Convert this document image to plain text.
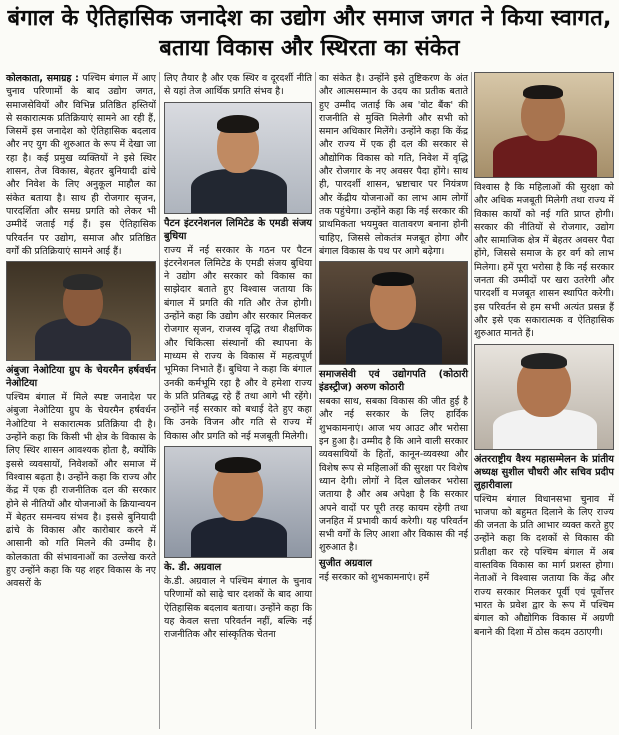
बंगाल के ऐतिहासिक जनादेश का उद्योग और समाज जगत ने किया स्वागत, बताया विकास और स्थिरता का संकेत

कोलकाता, समाग्रह : पश्चिम बंगाल में आए चुनाव परिणामों के बाद उद्योग जगत, समाजसेवियों और विभिन्न प्रतिष्ठित हस्तियों से सकारात्मक प्रतिक्रियाएं सामने आ रही हैं, जिसमें इस जनादेश को ऐतिहासिक बदलाव और नए युग की शुरुआत के रूप में देखा जा रहा है। कई प्रमुख व्यक्तियों ने इसे स्थिर शासन, तेज विकास, बेहतर बुनियादी ढांचे और निवेश के लिए अनुकूल माहौल का संकेत बताया है। साथ ही रोजगार सृजन, पारदर्शिता और समग्र प्रगति को लेकर भी उम्मीदें जताई गई हैं। इस ऐतिहासिक परिवर्तन पर उद्योग, समाज और प्रतिष्ठित वर्गों की प्रतिक्रियाएं सामने आई हैं।

अंबुजा नेओटिया ग्रुप के चेयरमैन हर्षवर्धन नेओटिया

पश्चिम बंगाल में मिले स्पष्ट जनादेश पर अंबुजा नेओटिया ग्रुप के चेयरमैन हर्षवर्धन नेओटिया ने सकारात्मक प्रतिक्रिया दी है। उन्होंने कहा कि किसी भी क्षेत्र के विकास के लिए स्थिर शासन आवश्यक होता है, क्योंकि इससे व्यवसायों, निवेशकों और समाज में विश्वास बढ़ता है। उन्होंने कहा कि राज्य और केंद्र में एक ही राजनीतिक दल की सरकार होने से नीतियों और योजनाओं के क्रियान्वयन में बेहतर समन्वय संभव है। इससे बुनियादी ढांचे के विकास और कारोबार करने में आसानी को गति मिलने की उम्मीद है। कोलकाता की संभावनाओं का उल्लेख करते हुए उन्होंने कहा कि यह शहर विकास के नए अवसरों के

लिए तैयार है और एक स्थिर व दूरदर्शी नीति से यहां तेज आर्थिक प्रगति संभव है।

पैटन इंटरनेशनल लिमिटेड के एमडी संजय बुधिया

राज्य में नई सरकार के गठन पर पैटन इंटरनेशनल लिमिटेड के एमडी संजय बुधिया ने उद्योग और सरकार को विकास का साझेदार बताते हुए विश्वास जताया कि बंगाल में प्रगति की गति और तेज होगी। उन्होंने कहा कि उद्योग और सरकार मिलकर रोजगार सृजन, राजस्व वृद्धि तथा शैक्षणिक और चिकित्सा संस्थानों की स्थापना के माध्यम से राज्य के विकास में महत्वपूर्ण भूमिका निभाते हैं। बुधिया ने कहा कि बंगाल उनकी कर्मभूमि रहा है और वे हमेशा राज्य के प्रति प्रतिबद्ध रहे हैं तथा आगे भी रहेंगे। उन्होंने नई सरकार को बधाई देते हुए कहा कि उनके विजन और गति से राज्य में विकास और प्रगति को नई मजबूती मिलेगी।

के. डी. अग्रवाल

के.डी. अग्रवाल ने पश्चिम बंगाल के चुनाव परिणामों को साढ़े चार दशकों के बाद आया ऐतिहासिक बदलाव बताया। उन्होंने कहा कि यह केवल सत्ता परिवर्तन नहीं, बल्कि नई राजनीतिक और सांस्कृतिक चेतना

का संकेत है। उन्होंने इसे तुष्टिकरण के अंत और आत्मसम्मान के उदय का प्रतीक बताते हुए उम्मीद जताई कि अब 'वोट बैंक' की राजनीति से मुक्ति मिलेगी और सभी को समान अधिकार मिलेंगे। उन्होंने कहा कि केंद्र और राज्य में एक ही दल की सरकार से औद्योगिक विकास को गति, निवेश में वृद्धि और रोजगार के नए अवसर पैदा होंगे। साथ ही, पारदर्शी शासन, भ्रष्टाचार पर नियंत्रण और केंद्रीय योजनाओं का लाभ आम लोगों तक पहुंचेगा। उन्होंने कहा कि नई सरकार की प्राथमिकता भयमुक्त वातावरण बनाना होनी चाहिए, जिससे लोकतंत्र मजबूत होगा और बंगाल विकास के पथ पर आगे बढ़ेगा।

समाजसेवी एवं उद्योगपति (कोठारी इंडस्ट्रीज) अरुण कोठारी

सबका साथ, सबका विकास की जीत हुई है और नई सरकार के लिए हार्दिक शुभकामनाएं। आज भय आउट और भरोसा इन हुआ है। उम्मीद है कि आने वाली सरकार व्यवसायियों के हितों, कानून-व्यवस्था और विशेष रूप से महिलाओं की सुरक्षा पर विशेष ध्यान देगी। लोगों ने दिल खोलकर भरोसा जताया है और अब अपेक्षा है कि सरकार अपने वादों पर पूरी तरह कायम रहेगी तथा जनहित में प्रभावी कार्य करेगी। यह परिवर्तन सभी वर्गों के लिए आशा और विकास की नई शुरुआत है।

सुजीत अग्रवाल

नई सरकार को शुभकामनाएं। हमें

विश्वास है कि महिलाओं की सुरक्षा को और अधिक मजबूती मिलेगी तथा राज्य में विकास कार्यों को नई गति प्राप्त होगी। सरकार की नीतियों से रोजगार, उद्योग और सामाजिक क्षेत्र में बेहतर अवसर पैदा होंगे, जिससे समाज के हर वर्ग को लाभ मिलेगा। हमें पूरा भरोसा है कि नई सरकार जनता की उम्मीदों पर खरा उतरेगी और पारदर्शी व मजबूत शासन स्थापित करेगी। इस परिवर्तन से हम सभी अत्यंत प्रसन्न हैं और इसे एक सकारात्मक व ऐतिहासिक शुरुआत मानते हैं।

अंतरराष्ट्रीय वैश्य महासम्मेलन के प्रांतीय अध्यक्ष सुशील चौधरी और सचिव प्रदीप लुहारीवाला

पश्चिम बंगाल विधानसभा चुनाव में भाजपा को बहुमत दिलाने के लिए राज्य की जनता के प्रति आभार व्यक्त करते हुए उन्होंने कहा कि दशकों से विकास की प्रतीक्षा कर रहे पश्चिम बंगाल में अब वास्तविक विकास का मार्ग प्रशस्त होगा। नेताओं ने विश्वास जताया कि केंद्र और राज्य सरकार मिलकर पूर्वी एवं पूर्वोत्तर भारत के प्रवेश द्वार के रूप में पश्चिम बंगाल को औद्योगिक विकास में अग्रणी बनाने की दिशा में ठोस कदम उठाएगी।
